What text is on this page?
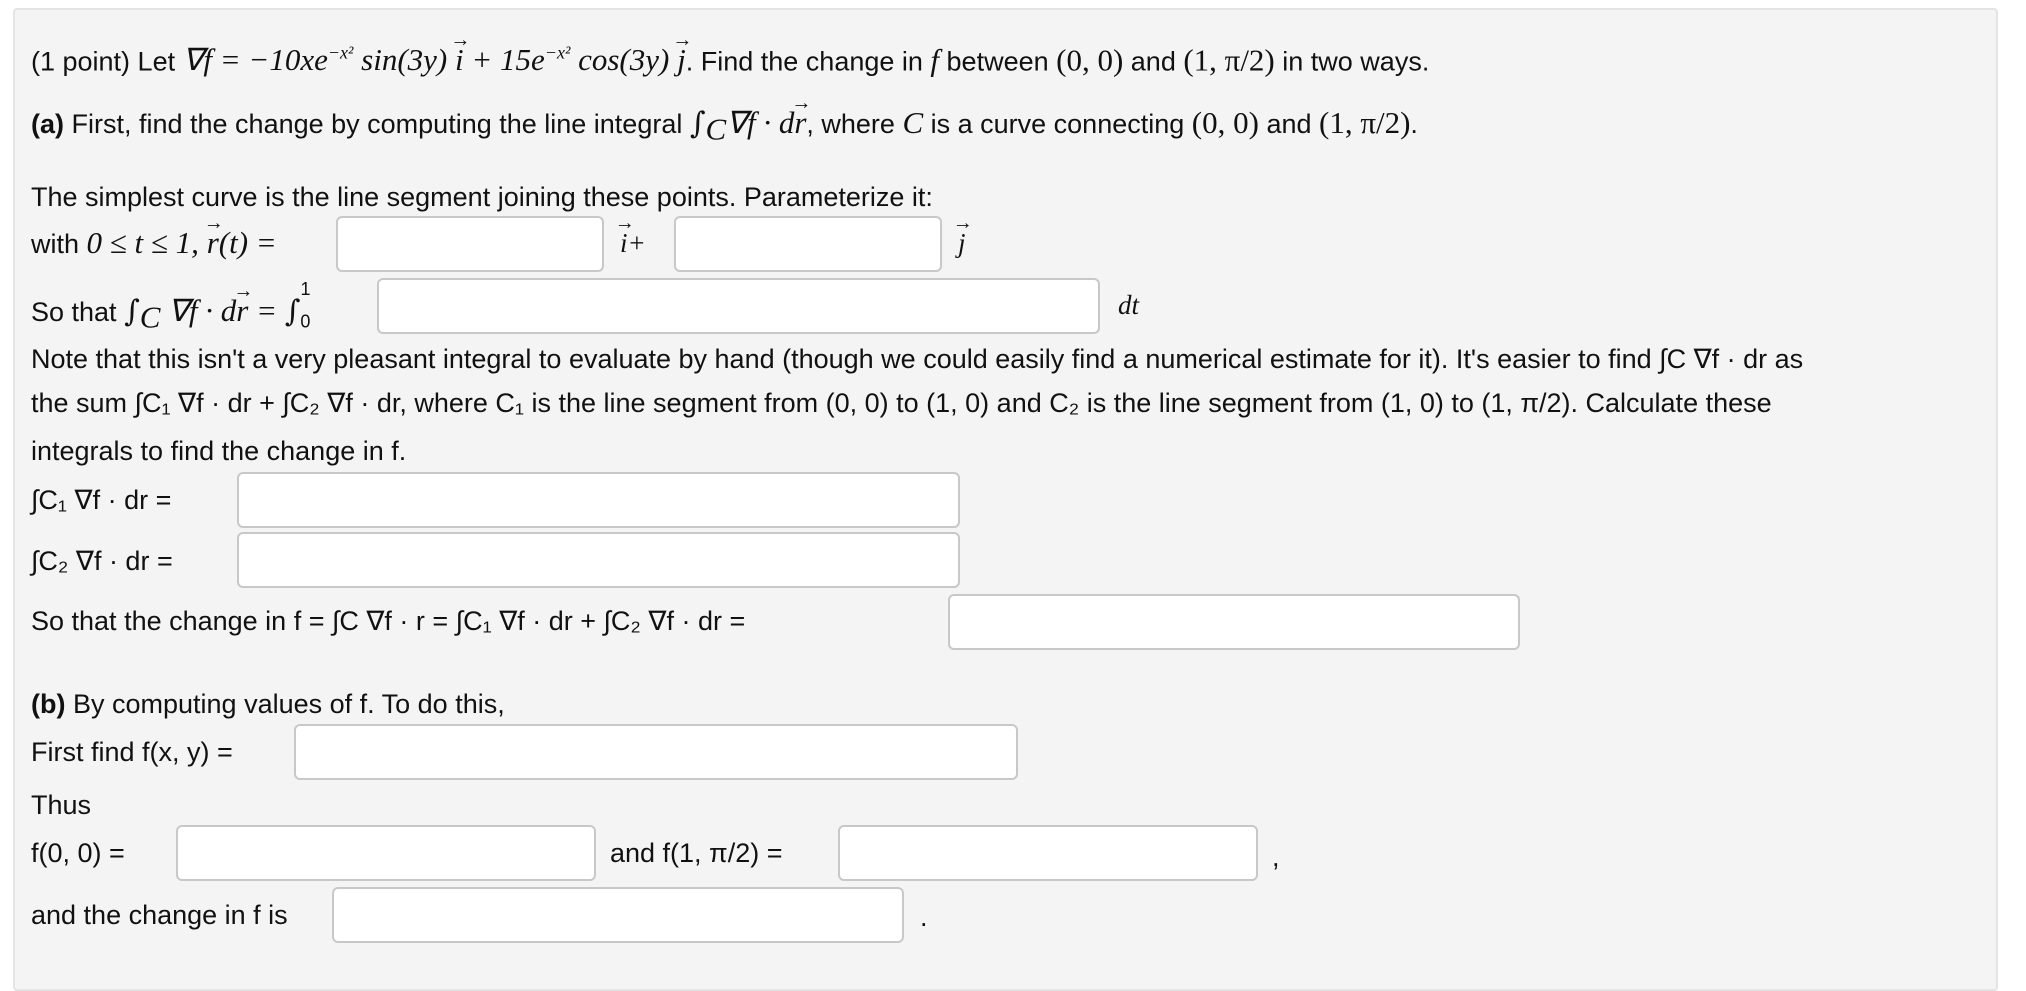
(1 point) Let $\nabla f = -10xe^{-x^2}$ sin(3y) i → + $15e^{-x^2}$ cos(3y) j →. Find the change in f between (0, 0) and (1, π/2) in two ways.
(a) First, find the change by computing the line integral $\int_C\nabla f$ · dr →, where C is a curve connecting (0, 0) and (1, π/2).
The simplest curve is the line segment joining these points. Parameterize it:
with 0 ≤ t ≤ 1, r →(t) =	i →+	j →
So that $\int_C$ ∇f · dr → = $\int_0^1$
dt
Note that this isn't a very pleasant integral to evaluate by hand (though we could easily find a numerical estimate for it). It's easier to find ∫C ∇f · dr as
the sum ∫C₁ ∇f · dr + ∫C₂ ∇f · dr, where C₁ is the line segment from (0, 0) to (1, 0) and C₂ is the line segment from (1, 0) to (1, π/2). Calculate these
integrals to find the change in f.
∫C₁ ∇f · dr =
∫C₂ ∇f · dr =
So that the change in f = ∫C ∇f · r = ∫C₁ ∇f · dr + ∫C₂ ∇f · dr =
(b) By computing values of f. To do this,
First find f(x, y) =
Thus
f(0, 0) =	and f(1, π/2) =	,
and the change in f is	.
